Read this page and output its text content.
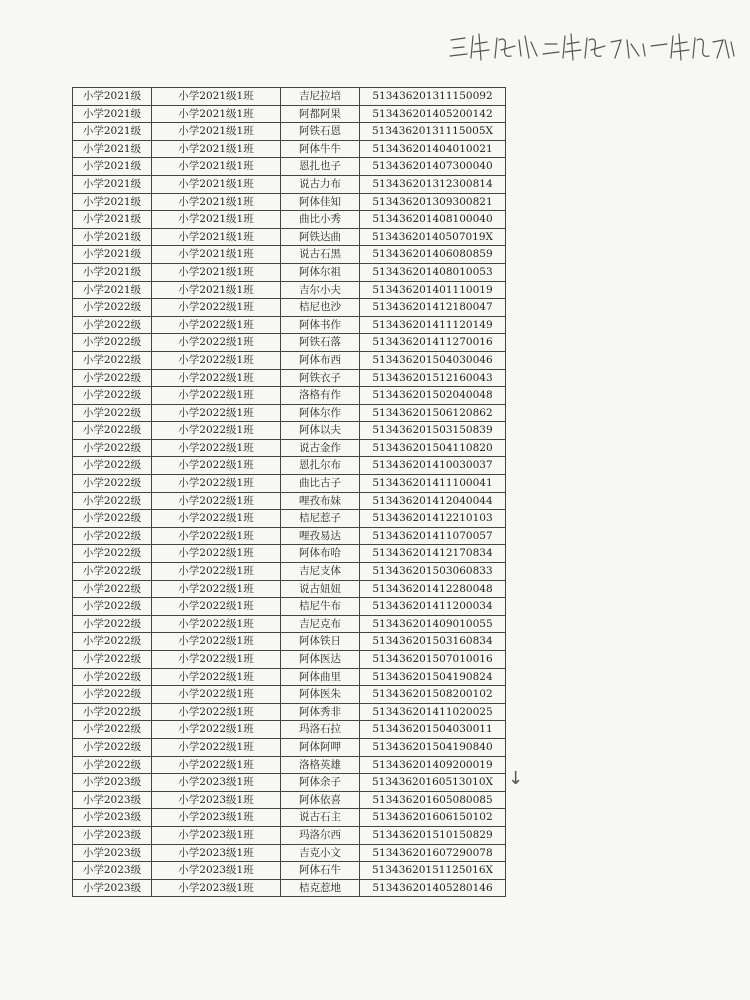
小学2021级	小学2021级1班	吉尼拉培	513436201311150092
小学2021级	小学2021级1班	阿都阿果	513436201405200142
小学2021级	小学2021级1班	阿铁石恩	51343620131115005X
小学2021级	小学2021级1班	阿体牛牛	513436201404010021
小学2021级	小学2021级1班	恩扎也子	513436201407300040
小学2021级	小学2021级1班	说古力布	513436201312300814
小学2021级	小学2021级1班	阿体佳知	513436201309300821
小学2021级	小学2021级1班	曲比小秀	513436201408100040
小学2021级	小学2021级1班	阿铁达曲	51343620140507019X
小学2021级	小学2021级1班	说古石黑	513436201406080859
小学2021级	小学2021级1班	阿体尔祖	513436201408010053
小学2021级	小学2021级1班	吉尔小夫	513436201401110019
小学2022级	小学2022级1班	桔尼也沙	513436201412180047
小学2022级	小学2022级1班	阿体书作	513436201411120149
小学2022级	小学2022级1班	阿铁石落	513436201411270016
小学2022级	小学2022级1班	阿体布西	513436201504030046
小学2022级	小学2022级1班	阿铁衣子	513436201512160043
小学2022级	小学2022级1班	洛格有作	513436201502040048
小学2022级	小学2022级1班	阿体尔作	513436201506120862
小学2022级	小学2022级1班	阿体以夫	513436201503150839
小学2022级	小学2022级1班	说古金作	513436201504110820
小学2022级	小学2022级1班	恩扎尔布	513436201410030037
小学2022级	小学2022级1班	曲比古子	513436201411100041
小学2022级	小学2022级1班	哩孜布妹	513436201412040044
小学2022级	小学2022级1班	桔尼惹子	513436201412210103
小学2022级	小学2022级1班	哩孜易达	513436201411070057
小学2022级	小学2022级1班	阿体布哈	513436201412170834
小学2022级	小学2022级1班	吉尼支体	513436201503060833
小学2022级	小学2022级1班	说古妞妞	513436201412280048
小学2022级	小学2022级1班	桔尼牛布	513436201411200034
小学2022级	小学2022级1班	吉尼克布	513436201409010055
小学2022级	小学2022级1班	阿体铁日	513436201503160834
小学2022级	小学2022级1班	阿体医达	513436201507010016
小学2022级	小学2022级1班	阿体曲里	513436201504190824
小学2022级	小学2022级1班	阿体医朱	513436201508200102
小学2022级	小学2022级1班	阿体秀非	513436201411020025
小学2022级	小学2022级1班	玛洛石拉	513436201504030011
小学2022级	小学2022级1班	阿体阿呷	513436201504190840
小学2022级	小学2022级1班	洛格英雄	513436201409200019
小学2023级	小学2023级1班	阿体余子	51343620160513010X
小学2023级	小学2023级1班	阿体依喜	513436201605080085
小学2023级	小学2023级1班	说古石主	513436201606150102
小学2023级	小学2023级1班	玛洛尔西	513436201510150829
小学2023级	小学2023级1班	吉克小文	513436201607290078
小学2023级	小学2023级1班	阿体石牛	51343620151125016X
小学2023级	小学2023级1班	桔克惹地	513436201405280146
↓
